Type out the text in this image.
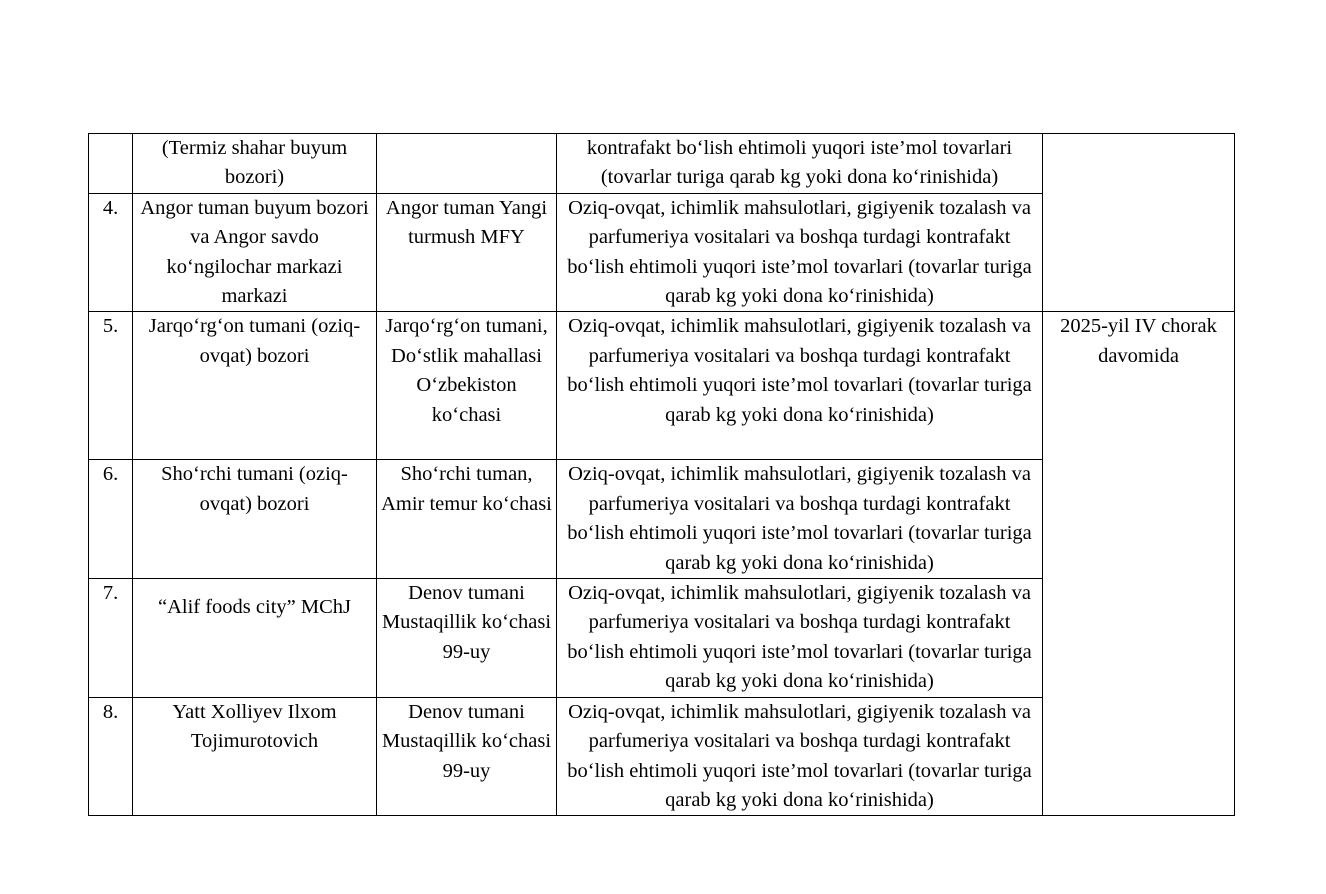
	(Termiz shahar buyum bozori)		kontrafakt bo‘lish ehtimoli yuqori iste’mol tovarlari (tovarlar turiga qarab kg yoki dona ko‘rinishida)	
4.	Angor tuman buyum bozori va Angor savdo ko‘ngilochar markazi markazi	Angor tuman Yangi turmush MFY	Oziq-ovqat, ichimlik mahsulotlari, gigiyenik tozalash va parfumeriya vositalari va boshqa turdagi kontrafakt bo‘lish ehtimoli yuqori iste’mol tovarlari (tovarlar turiga qarab kg yoki dona ko‘rinishida)	
5.	Jarqo‘rg‘on tumani (oziq-ovqat) bozori	Jarqo‘rg‘on tumani, Do‘stlik mahallasi O‘zbekiston ko‘chasi	Oziq-ovqat, ichimlik mahsulotlari, gigiyenik tozalash va parfumeriya vositalari va boshqa turdagi kontrafakt bo‘lish ehtimoli yuqori iste’mol tovarlari (tovarlar turiga qarab kg yoki dona ko‘rinishida)	2025-yil IV chorak davomida
6.	Sho‘rchi tumani (oziq-ovqat) bozori	Sho‘rchi tuman, Amir temur ko‘chasi	Oziq-ovqat, ichimlik mahsulotlari, gigiyenik tozalash va parfumeriya vositalari va boshqa turdagi kontrafakt bo‘lish ehtimoli yuqori iste’mol tovarlari (tovarlar turiga qarab kg yoki dona ko‘rinishida)	
7.	“Alif foods city” MChJ	Denov tumani Mustaqillik ko‘chasi 99-uy	Oziq-ovqat, ichimlik mahsulotlari, gigiyenik tozalash va parfumeriya vositalari va boshqa turdagi kontrafakt bo‘lish ehtimoli yuqori iste’mol tovarlari (tovarlar turiga qarab kg yoki dona ko‘rinishida)	
8.	Yatt Xolliyev Ilxom Tojimurotovich	Denov tumani Mustaqillik ko‘chasi 99-uy	Oziq-ovqat, ichimlik mahsulotlari, gigiyenik tozalash va parfumeriya vositalari va boshqa turdagi kontrafakt bo‘lish ehtimoli yuqori iste’mol tovarlari (tovarlar turiga qarab kg yoki dona ko‘rinishida)	
